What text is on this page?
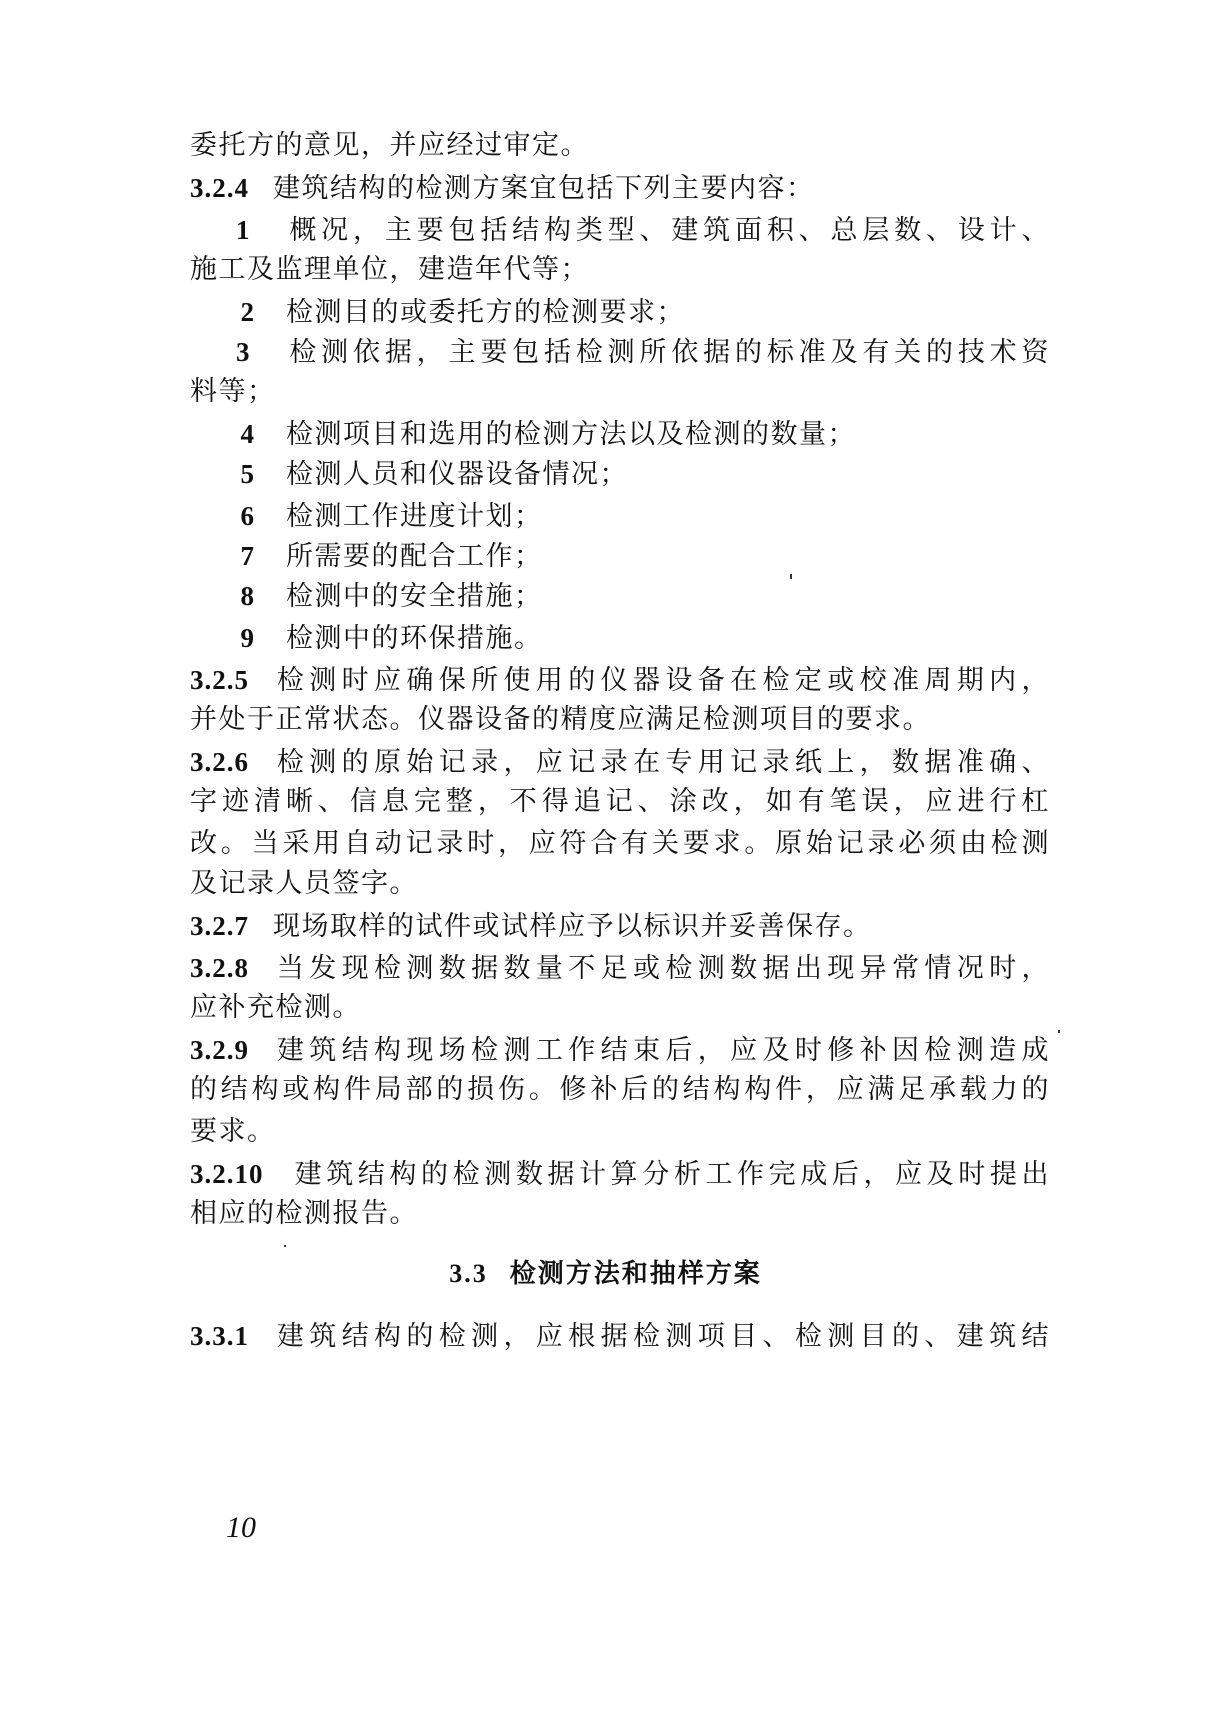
委托方的意见，并应经过审定。
3.2.4 建筑结构的检测方案宜包括下列主要内容：
1 概况，主要包括结构类型、建筑面积、总层数、设计、
施工及监理单位，建造年代等；
2 检测目的或委托方的检测要求；
3 检测依据，主要包括检测所依据的标准及有关的技术资
料等；
4 检测项目和选用的检测方法以及检测的数量；
5 检测人员和仪器设备情况；
6 检测工作进度计划；
7 所需要的配合工作；
8 检测中的安全措施；
9 检测中的环保措施。
3.2.5 检测时应确保所使用的仪器设备在检定或校准周期内，
并处于正常状态。仪器设备的精度应满足检测项目的要求。
3.2.6 检测的原始记录，应记录在专用记录纸上，数据准确、
字迹清晰、信息完整，不得追记、涂改，如有笔误，应进行杠
改。当采用自动记录时，应符合有关要求。原始记录必须由检测
及记录人员签字。
3.2.7 现场取样的试件或试样应予以标识并妥善保存。
3.2.8 当发现检测数据数量不足或检测数据出现异常情况时，
应补充检测。
3.2.9 建筑结构现场检测工作结束后，应及时修补因检测造成
的结构或构件局部的损伤。修补后的结构构件，应满足承载力的
要求。
3.2.10 建筑结构的检测数据计算分析工作完成后，应及时提出
相应的检测报告。
3.3 检测方法和抽样方案
3.3.1 建筑结构的检测，应根据检测项目、检测目的、建筑结
10
